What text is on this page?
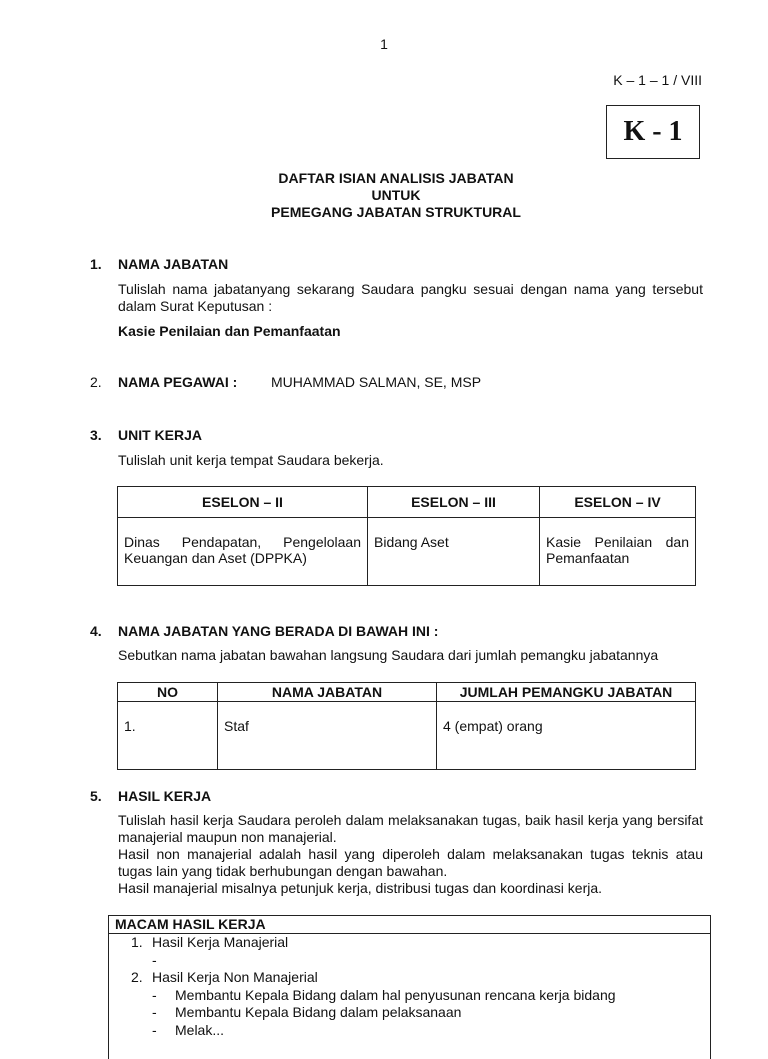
1
K – 1 – 1 / VIII
K - 1
DAFTAR ISIAN ANALISIS JABATAN
UNTUK
PEMEGANG JABATAN STRUKTURAL
1. NAMA JABATAN
Tulislah nama jabatanyang sekarang Saudara pangku sesuai dengan nama yang tersebut dalam Surat Keputusan :
Kasie Penilaian dan Pemanfaatan
2. NAMA PEGAWAI : MUHAMMAD SALMAN, SE, MSP
3. UNIT KERJA
Tulislah unit kerja tempat Saudara bekerja.
ESELON – II	ESELON – III	ESELON – IV
Dinas Pendapatan, Pengelolaan Keuangan dan Aset (DPPKA)	Bidang Aset	Kasie Penilaian dan Pemanfaatan
4. NAMA JABATAN YANG BERADA DI BAWAH INI :
Sebutkan nama jabatan bawahan langsung Saudara dari jumlah pemangku jabatannya
NO	NAMA JABATAN	JUMLAH PEMANGKU JABATAN
1.	Staf	4 (empat) orang
5. HASIL KERJA
Tulislah hasil kerja Saudara peroleh dalam melaksanakan tugas, baik hasil kerja yang bersifat manajerial maupun non manajerial.
Hasil non manajerial adalah hasil yang diperoleh dalam melaksanakan tugas teknis atau tugas lain yang tidak berhubungan dengan bawahan.
Hasil manajerial misalnya petunjuk kerja, distribusi tugas dan koordinasi kerja.
MACAM HASIL KERJA

1. Hasil Kerja Manajerial
-
2. Hasil Kerja Non Manajerial
- Membantu Kepala Bidang dalam hal penyusunan rencana kerja bidang
- Membantu Kepala Bidang dalam pelaksanaan
- Melak...
